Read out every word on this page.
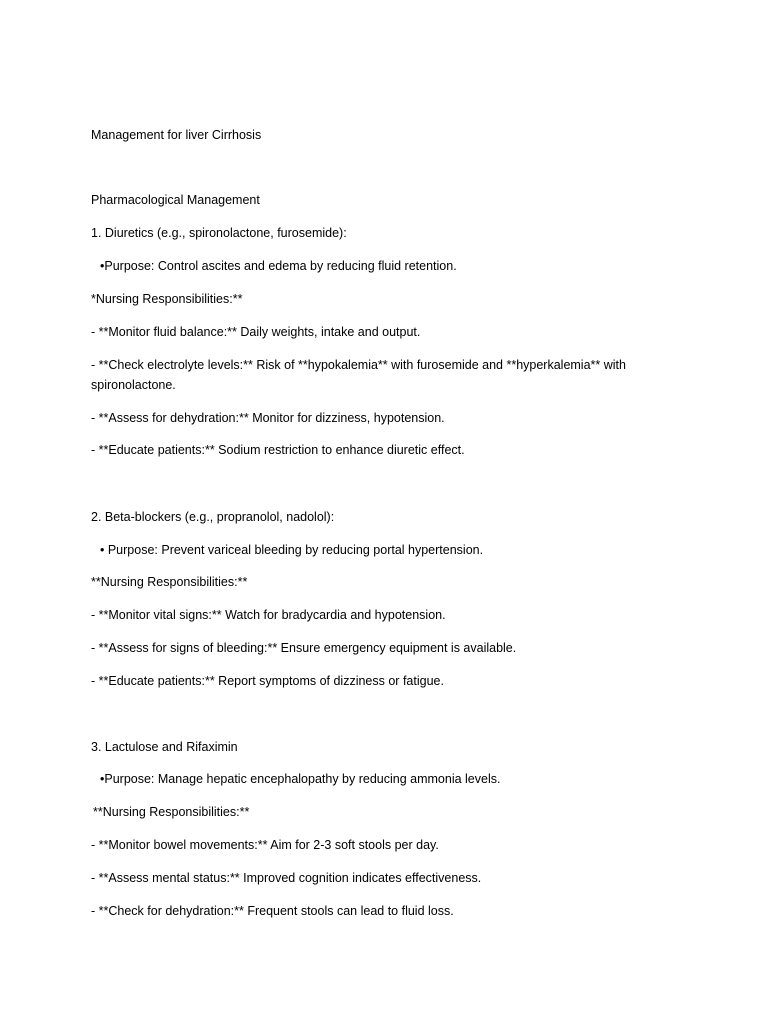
Management for liver Cirrhosis
Pharmacological Management
1. Diuretics (e.g., spironolactone, furosemide):
•Purpose: Control ascites and edema by reducing fluid retention.
*Nursing Responsibilities:**
- **Monitor fluid balance:** Daily weights, intake and output.
- **Check electrolyte levels:** Risk of **hypokalemia** with furosemide and **hyperkalemia** with spironolactone.
- **Assess for dehydration:** Monitor for dizziness, hypotension.
- **Educate patients:** Sodium restriction to enhance diuretic effect.
2. Beta-blockers (e.g., propranolol, nadolol):
• Purpose: Prevent variceal bleeding by reducing portal hypertension.
**Nursing Responsibilities:**
- **Monitor vital signs:** Watch for bradycardia and hypotension.
- **Assess for signs of bleeding:** Ensure emergency equipment is available.
- **Educate patients:** Report symptoms of dizziness or fatigue.
3. Lactulose and Rifaximin
•Purpose: Manage hepatic encephalopathy by reducing ammonia levels.
**Nursing Responsibilities:**
- **Monitor bowel movements:** Aim for 2-3 soft stools per day.
- **Assess mental status:** Improved cognition indicates effectiveness.
- **Check for dehydration:** Frequent stools can lead to fluid loss.
